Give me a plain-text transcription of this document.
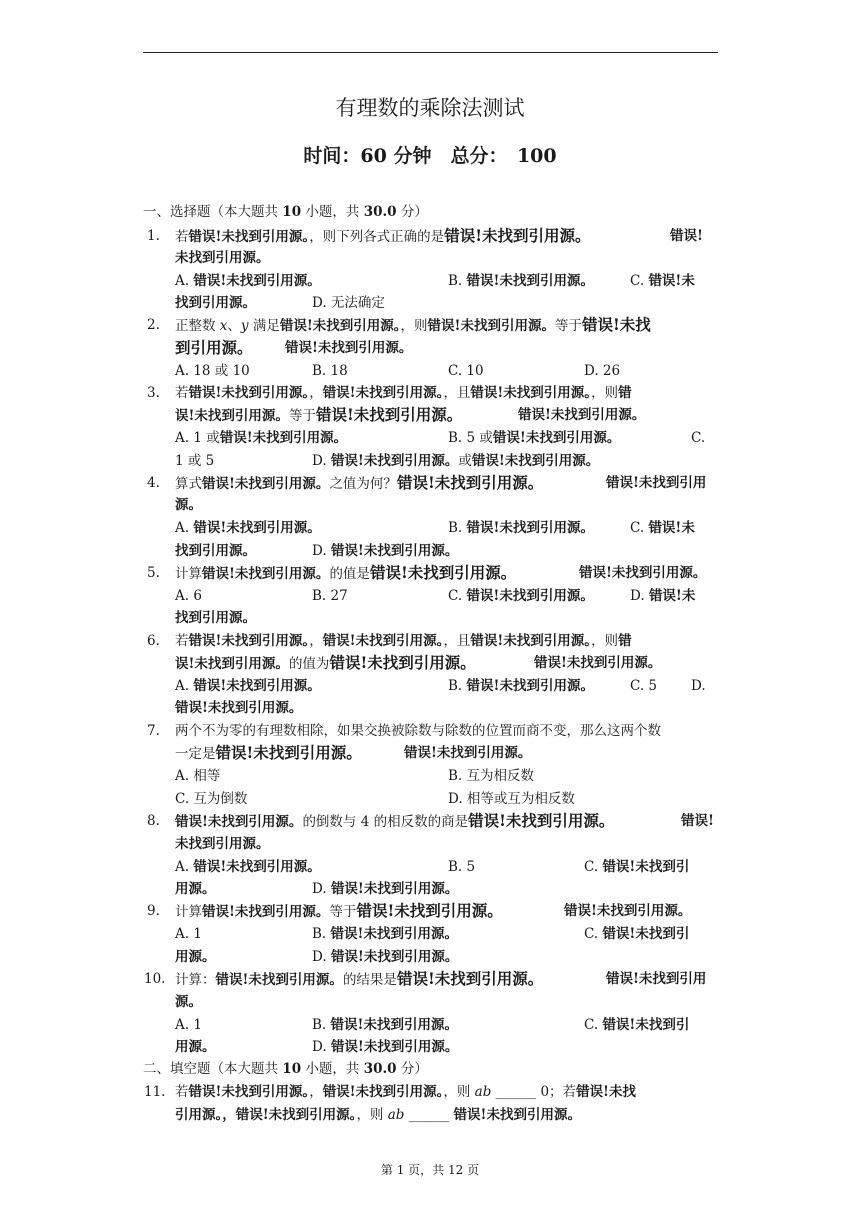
有理数的乘除法测试
时间：60 分钟　总分：　100
一、选择题（本大题共 10 小题，共 30.0 分）
1. 若错误!未找到引用源。，则下列各式正确的是错误!未找到引用源。	错误!
未找到引用源。
A. 错误!未找到引用源。	B. 错误!未找到引用源。	C. 错误!未
找到引用源。	D. 无法确定
2. 正整数 x、y 满足错误!未找到引用源。，则错误!未找到引用源。等于错误!未找
到引用源。 错误!未找到引用源。
A. 18 或 10	B. 18	C. 10	D. 26
3. 若错误!未找到引用源。，错误!未找到引用源。，且错误!未找到引用源。，则错
误!未找到引用源。等于错误!未找到引用源。	错误!未找到引用源。
A. 1 或错误!未找到引用源。	B. 5 或错误!未找到引用源。	C.
1 或 5	D. 错误!未找到引用源。或错误!未找到引用源。
4. 算式错误!未找到引用源。之值为何？错误!未找到引用源。	错误!未找到引用
源。
A. 错误!未找到引用源。	B. 错误!未找到引用源。	C. 错误!未
找到引用源。	D. 错误!未找到引用源。
5. 计算错误!未找到引用源。的值是错误!未找到引用源。	错误!未找到引用源。
A. 6	B. 27	C. 错误!未找到引用源。	D. 错误!未
找到引用源。
6. 若错误!未找到引用源。，错误!未找到引用源。，且错误!未找到引用源。，则错
误!未找到引用源。的值为错误!未找到引用源。	错误!未找到引用源。
A. 错误!未找到引用源。	B. 错误!未找到引用源。	C. 5	D.
错误!未找到引用源。
7. 两个不为零的有理数相除，如果交换被除数与除数的位置而商不变，那么这两个数
一定是错误!未找到引用源。	错误!未找到引用源。
A. 相等	B. 互为相反数
C. 互为倒数	D. 相等或互为相反数
8. 错误!未找到引用源。的倒数与 4 的相反数的商是错误!未找到引用源。	错误!
未找到引用源。
A. 错误!未找到引用源。	B. 5	C. 错误!未找到引
用源。	D. 错误!未找到引用源。
9. 计算错误!未找到引用源。等于错误!未找到引用源。	错误!未找到引用源。
A. 1	B. 错误!未找到引用源。	C. 错误!未找到引
用源。	D. 错误!未找到引用源。
10. 计算：错误!未找到引用源。的结果是错误!未找到引用源。	错误!未找到引用
源。
A. 1	B. 错误!未找到引用源。	C. 错误!未找到引
用源。	D. 错误!未找到引用源。
二、填空题（本大题共 10 小题，共 30.0 分）
11. 若错误!未找到引用源。，错误!未找到引用源。，则 ab ______ 0；若错误!未找
引用源。，错误!未找到引用源。，则 ab ______ 错误!未找到引用源。
第 1 页，共 12 页
